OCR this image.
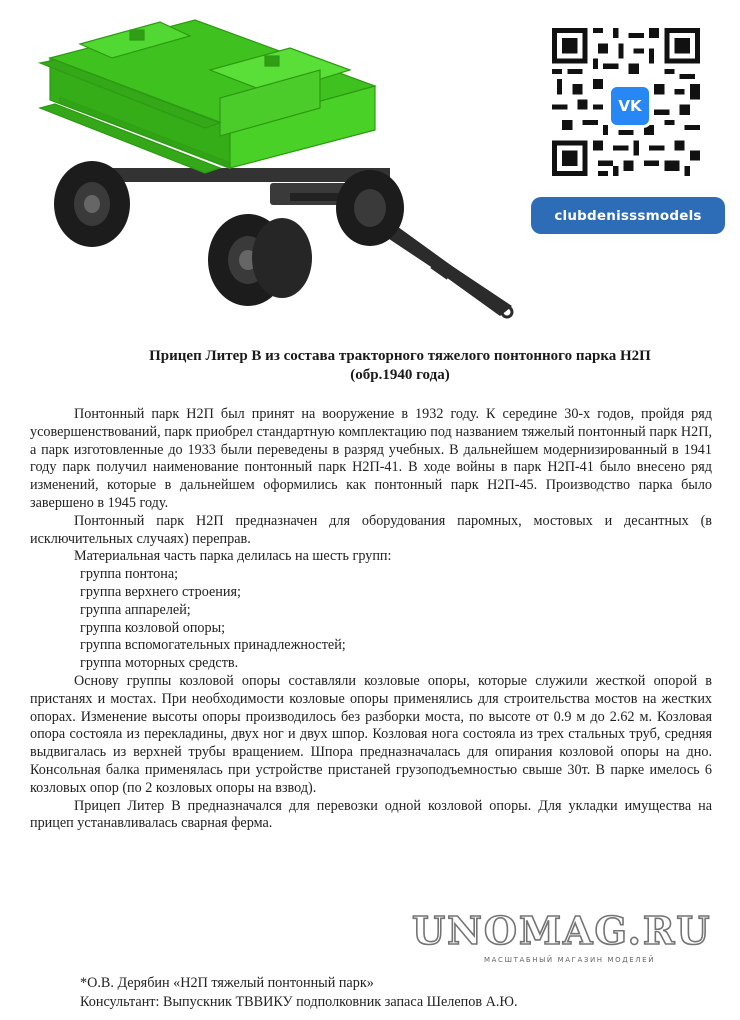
VK
clubdenisssmodels
Прицеп Литер В из состава тракторного тяжелого понтонного парка Н2П
(обр.1940 года)

Понтонный парк Н2П был принят на вооружение в 1932 году. К середине 30-х годов, пройдя ряд усовершенствований, парк приобрел стандартную комплектацию под названием тяжелый понтонный парк Н2П, а парк изготовленные до 1933 были переведены в разряд учебных. В дальнейшем модернизированный в 1941 году парк получил наименование понтонный парк Н2П-41. В ходе войны в парк Н2П-41 было внесено ряд изменений, которые в дальнейшем оформились как понтонный парк Н2П-45. Производство парка было завершено в 1945 году.

Понтонный парк Н2П предназначен для оборудования паромных, мостовых и десантных (в исключительных случаях) переправ.

Материальная часть парка делилась на шесть групп:

группа понтона;

группа верхнего строения;

группа аппарелей;

группа козловой опоры;

группа вспомогательных принадлежностей;

группа моторных средств.

Основу группы козловой опоры составляли козловые опоры, которые служили жесткой опорой в пристанях и мостах. При необходимости козловые опоры применялись для строительства мостов на жестких опорах. Изменение высоты опоры производилось без разборки моста, по высоте от 0.9 м до 2.62 м. Козловая опора состояла из перекладины, двух ног и двух шпор. Козловая нога состояла из трех стальных труб, средняя выдвигалась из верхней трубы вращением. Шпора предназначалась для опирания козловой опоры на дно. Консольная балка применялась при устройстве пристаней грузоподъемностью свыше 30т. В парке имелось 6 козловых опор (по 2 козловых опоры на взвод).

Прицеп Литер В предназначался для перевозки одной козловой опоры. Для укладки имущества на прицеп устанавливалась сварная ферма.

*О.В. Дерябин «Н2П тяжелый понтонный парк»

Консультант: Выпускник ТВВИКУ подполковник запаса Шелепов А.Ю.

UNOMAG.RU
МАСШТАБНЫЙ МАГАЗИН МОДЕЛЕЙ
